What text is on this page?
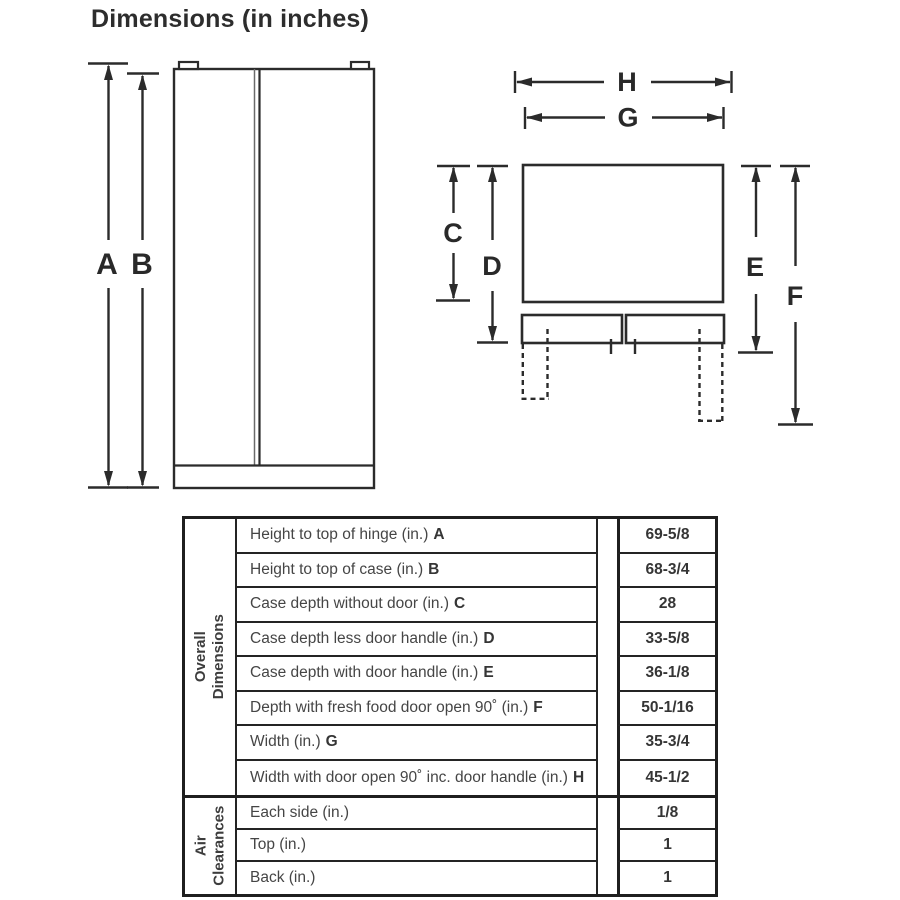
Dimensions (in inches)
A B
H
G
C
D	E
F
Overall Dimensions
Height to top of hinge (in.) A	69-5/8
Height to top of case (in.) B	68-3/4
Case depth without door (in.) C	28
Case depth less door handle (in.) D	33-5/8
Case depth with door handle (in.) E	36-1/8
Depth with fresh food door open 90˚ (in.) F	50-1/16
Width (in.) G	35-3/4
Width with door open 90˚ inc. door handle (in.) H	45-1/2
Air Clearances Each side (in.)	1/8
Top (in.)	1
Back (in.)	1
